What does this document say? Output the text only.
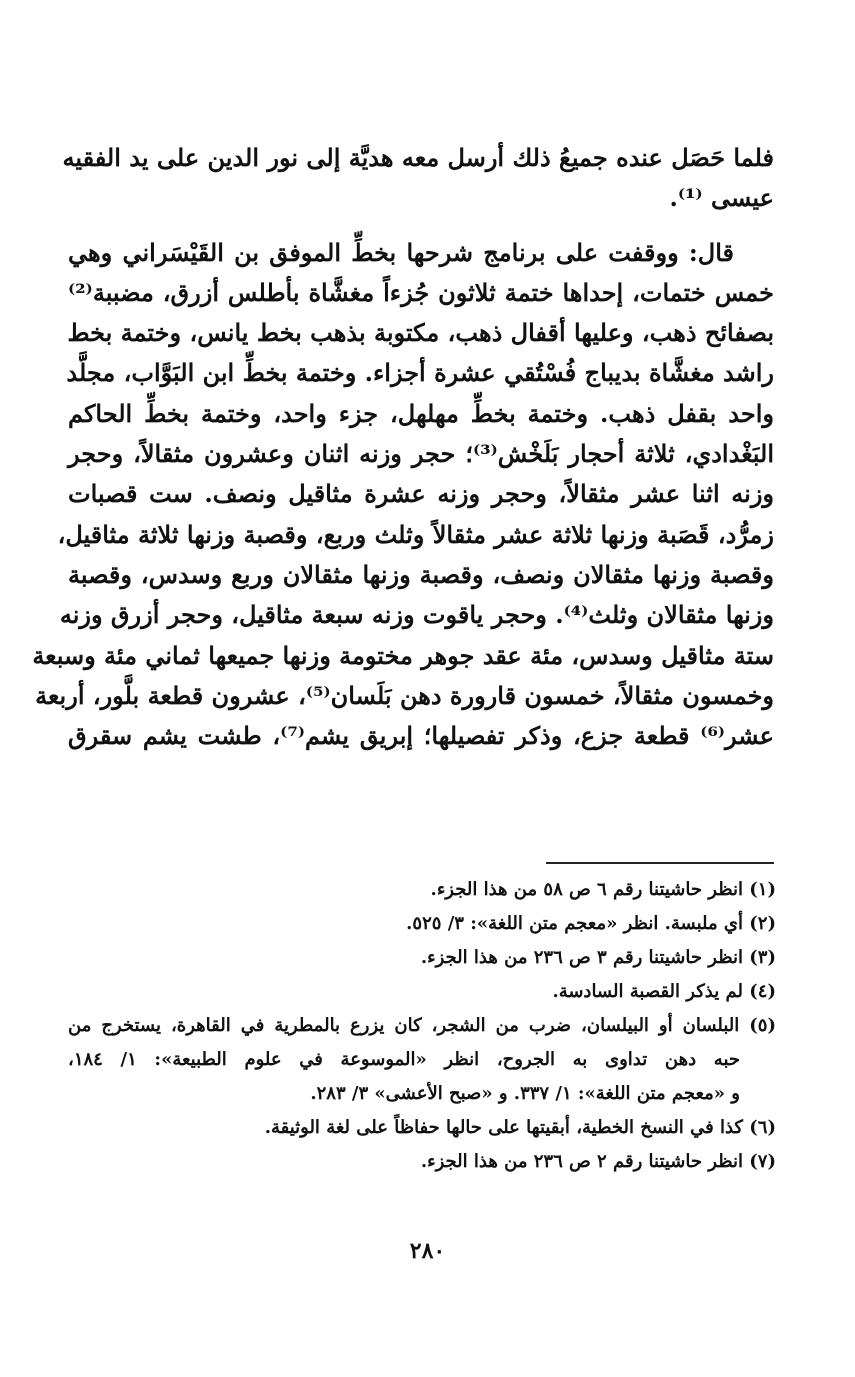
فلما حَصَل عنده جميعُ ذلك أرسل معه هديَّة إلى نور الدين على يد الفقيه
عيسى ⁽¹⁾.

قال: ووقفت على برنامج شرحها بخطِّ الموفق بن القَيْسَراني وهي
خمس ختمات، إحداها ختمة ثلاثون جُزءاً مغشَّاة بأطلس أزرق، مضببة⁽²⁾
بصفائح ذهب، وعليها أقفال ذهب، مكتوبة بذهب بخط يانس، وختمة بخط
راشد مغشَّاة بديباج فُسْتُقي عشرة أجزاء. وختمة بخطِّ ابن البَوَّاب، مجلَّد
واحد بقفل ذهب. وختمة بخطِّ مهلهل، جزء واحد، وختمة بخطِّ الحاكم
البَغْدادي، ثلاثة أحجار بَلَخْش⁽³⁾؛ حجر وزنه اثنان وعشرون مثقالاً، وحجر
وزنه اثنا عشر مثقالاً، وحجر وزنه عشرة مثاقيل ونصف. ست قصبات
زمرُّد، قَصَبة وزنها ثلاثة عشر مثقالاً وثلث وربع، وقصبة وزنها ثلاثة مثاقيل،
وقصبة وزنها مثقالان ونصف، وقصبة وزنها مثقالان وربع وسدس، وقصبة
وزنها مثقالان وثلث⁽⁴⁾. وحجر ياقوت وزنه سبعة مثاقيل، وحجر أزرق وزنه
ستة مثاقيل وسدس، مئة عقد جوهر مختومة وزنها جميعها ثماني مئة وسبعة
وخمسون مثقالاً، خمسون قارورة دهن بَلَسان⁽⁵⁾، عشرون قطعة بلَّور، أربعة
عشر⁽⁶⁾ قطعة جزع، وذكر تفصيلها؛ إبريق يشم⁽⁷⁾، طشت يشم سقرق

(١) انظر حاشيتنا رقم ٦ ص ٥٨ من هذا الجزء.

(٢) أي ملبسة. انظر «معجم متن اللغة»: ٣/ ٥٢٥.

(٣) انظر حاشيتنا رقم ٣ ص ٢٣٦ من هذا الجزء.

(٤) لم يذكر القصبة السادسة.

(٥) البلسان أو البيلسان، ضرب من الشجر، كان يزرع بالمطرية في القاهرة، يستخرج من

حبه دهن تداوى به الجروح، انظر «الموسوعة في علوم الطبيعة»: ١/ ١٨٤،

و «معجم متن اللغة»: ١/ ٣٣٧. و «صبح الأعشى» ٣/ ٢٨٣.

(٦) كذا في النسخ الخطية، أبقيتها على حالها حفاظاً على لغة الوثيقة.

(٧) انظر حاشيتنا رقم ٢ ص ٢٣٦ من هذا الجزء.

٢٨٠
